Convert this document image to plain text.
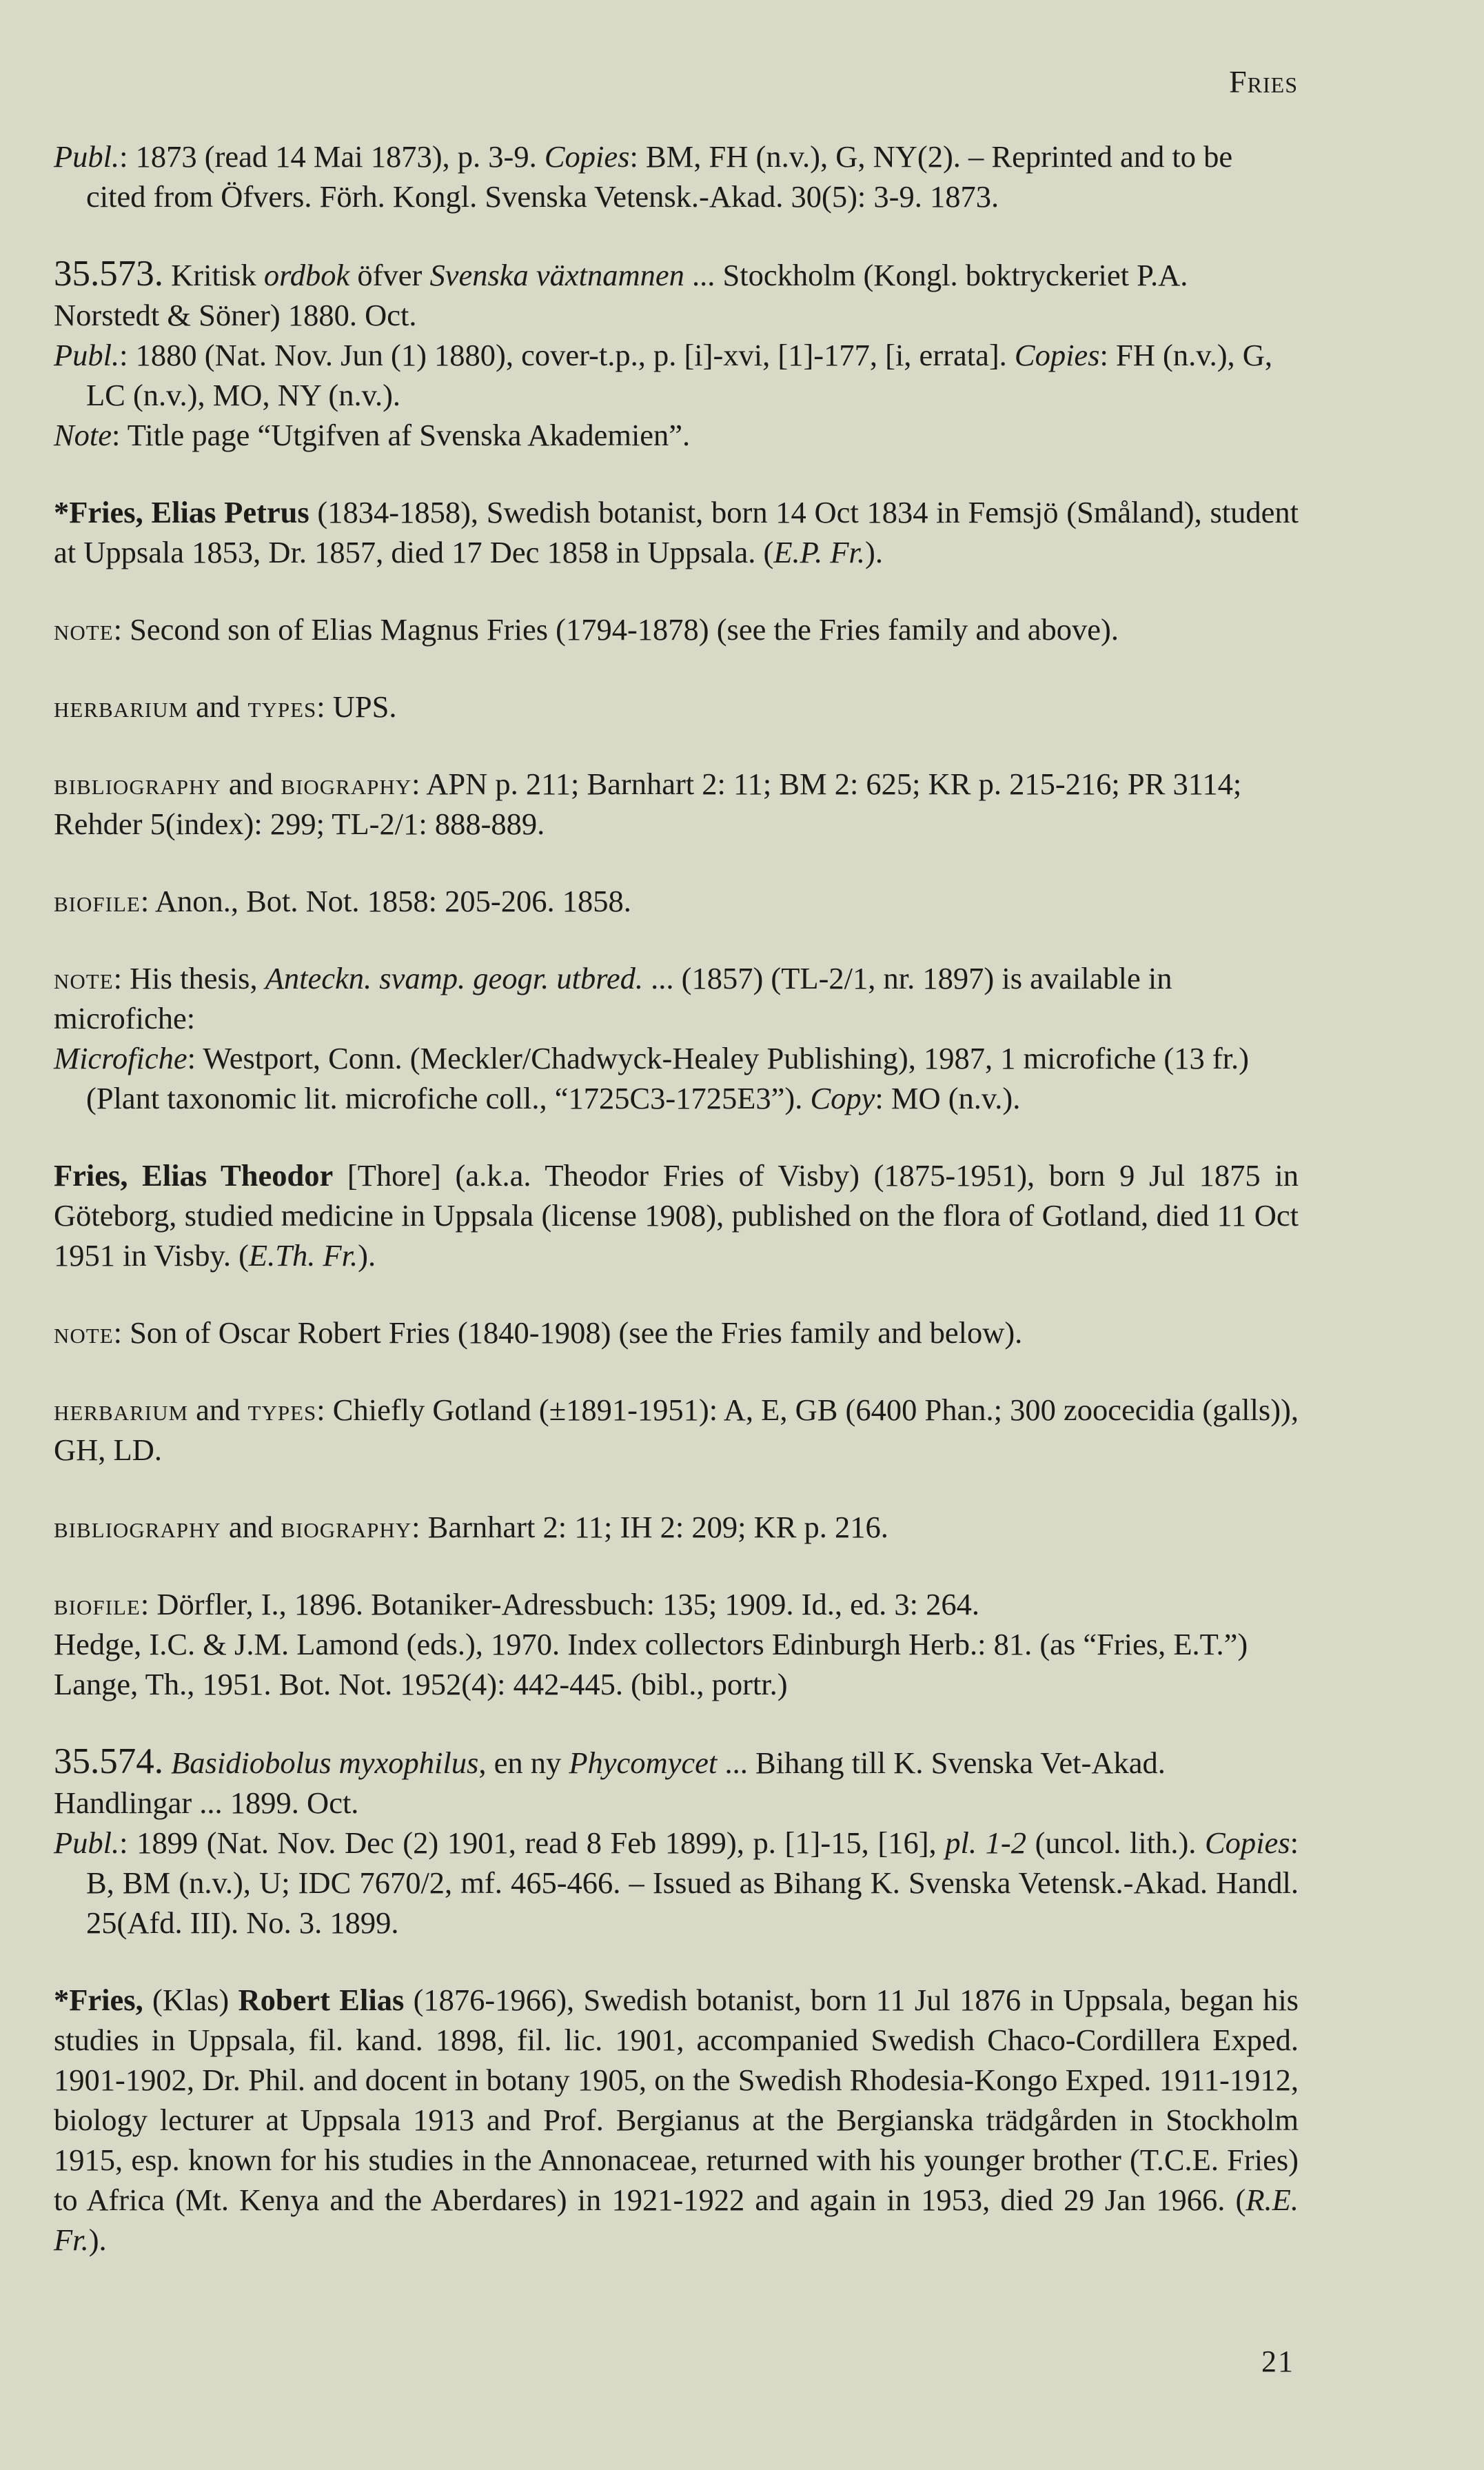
Fries

Publ.: 1873 (read 14 Mai 1873), p. 3-9. Copies: BM, FH (n.v.), G, NY(2). – Reprinted and to be cited from Öfvers. Förh. Kongl. Svenska Vetensk.-Akad. 30(5): 3-9. 1873.

35.573. Kritisk ordbok öfver Svenska växtnamnen ... Stockholm (Kongl. boktryckeriet P.A. Norstedt & Söner) 1880. Oct.

Publ.: 1880 (Nat. Nov. Jun (1) 1880), cover-t.p., p. [i]-xvi, [1]-177, [i, errata]. Copies: FH (n.v.), G, LC (n.v.), MO, NY (n.v.).

Note: Title page “Utgifven af Svenska Akademien”.

*Fries, Elias Petrus (1834-1858), Swedish botanist, born 14 Oct 1834 in Femsjö (Småland), student at Uppsala 1853, Dr. 1857, died 17 Dec 1858 in Uppsala. (E.P. Fr.).

note: Second son of Elias Magnus Fries (1794-1878) (see the Fries family and above).

herbarium and types: UPS.

bibliography and biography: APN p. 211; Barnhart 2: 11; BM 2: 625; KR p. 215-216; PR 3114; Rehder 5(index): 299; TL-2/1: 888-889.

biofile: Anon., Bot. Not. 1858: 205-206. 1858.

note: His thesis, Anteckn. svamp. geogr. utbred. ... (1857) (TL-2/1, nr. 1897) is available in microfiche:

Microfiche: Westport, Conn. (Meckler/Chadwyck-Healey Publishing), 1987, 1 microfiche (13 fr.) (Plant taxonomic lit. microfiche coll., “1725C3-1725E3”). Copy: MO (n.v.).

Fries, Elias Theodor [Thore] (a.k.a. Theodor Fries of Visby) (1875-1951), born 9 Jul 1875 in Göteborg, studied medicine in Uppsala (license 1908), published on the flora of Gotland, died 11 Oct 1951 in Visby. (E.Th. Fr.).

note: Son of Oscar Robert Fries (1840-1908) (see the Fries family and below).

herbarium and types: Chiefly Gotland (±1891-1951): A, E, GB (6400 Phan.; 300 zoocecidia (galls)), GH, LD.

bibliography and biography: Barnhart 2: 11; IH 2: 209; KR p. 216.

biofile: Dörfler, I., 1896. Botaniker-Adressbuch: 135; 1909. Id., ed. 3: 264.

Hedge, I.C. & J.M. Lamond (eds.), 1970. Index collectors Edinburgh Herb.: 81. (as “Fries, E.T.”)

Lange, Th., 1951. Bot. Not. 1952(4): 442-445. (bibl., portr.)

35.574. Basidiobolus myxophilus, en ny Phycomycet ... Bihang till K. Svenska Vet-Akad. Handlingar ... 1899. Oct.

Publ.: 1899 (Nat. Nov. Dec (2) 1901, read 8 Feb 1899), p. [1]-15, [16], pl. 1-2 (uncol. lith.). Copies: B, BM (n.v.), U; IDC 7670/2, mf. 465-466. – Issued as Bihang K. Svenska Vetensk.-Akad. Handl. 25(Afd. III). No. 3. 1899.

*Fries, (Klas) Robert Elias (1876-1966), Swedish botanist, born 11 Jul 1876 in Uppsala, began his studies in Uppsala, fil. kand. 1898, fil. lic. 1901, accompanied Swedish Chaco-Cordillera Exped. 1901-1902, Dr. Phil. and docent in botany 1905, on the Swedish Rhodesia-Kongo Exped. 1911-1912, biology lecturer at Uppsala 1913 and Prof. Bergianus at the Bergianska trädgården in Stockholm 1915, esp. known for his studies in the Annonaceae, returned with his younger brother (T.C.E. Fries) to Africa (Mt. Kenya and the Aberdares) in 1921-1922 and again in 1953, died 29 Jan 1966. (R.E. Fr.).

21
